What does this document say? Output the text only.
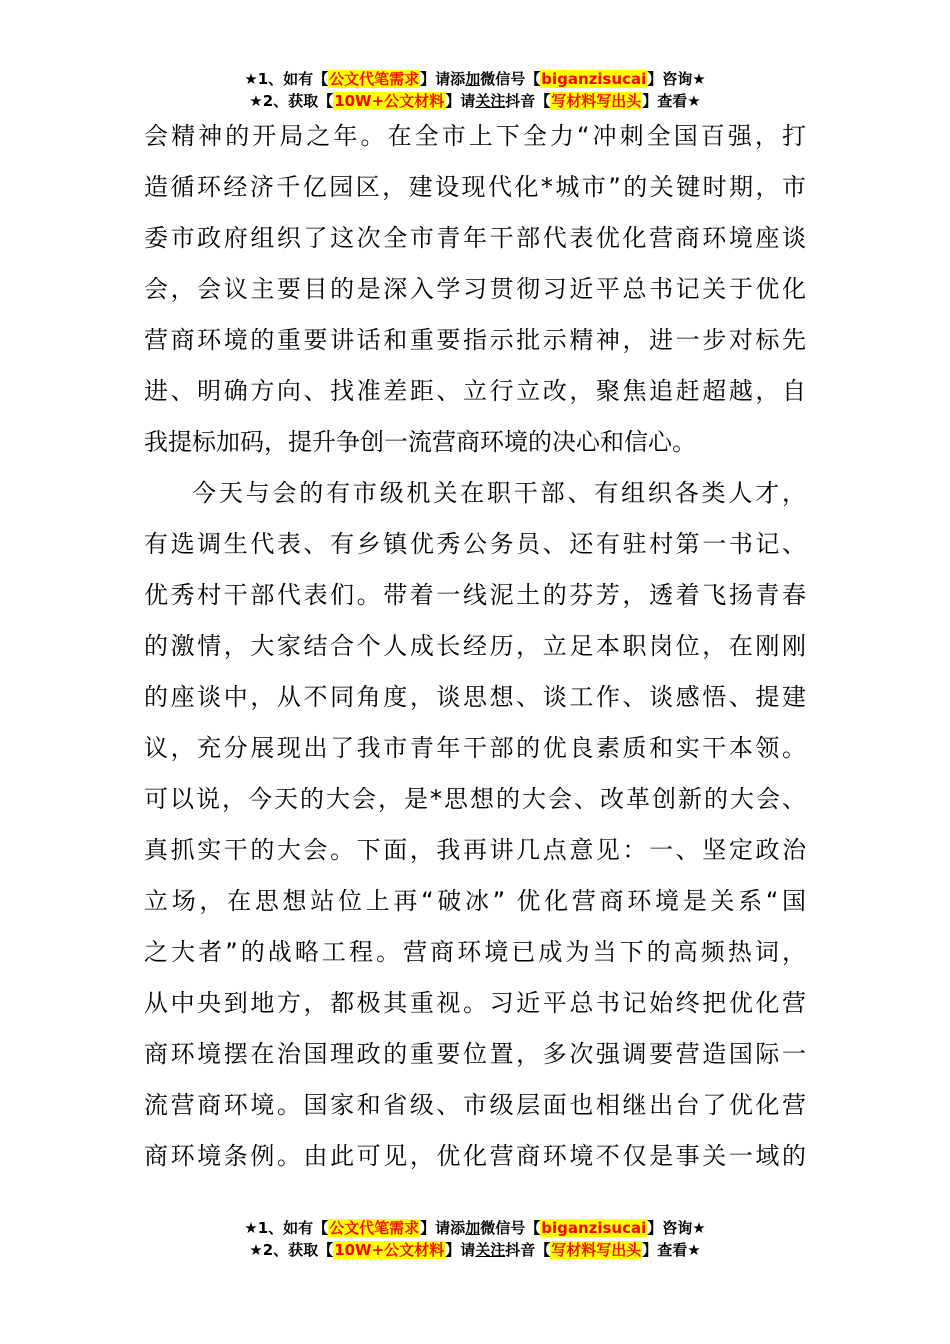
★1、如有【公文代笔需求】请添加微信号【biganzisucai】咨询★
★2、获取【10W+公文材料】请关注抖音【写材料写出头】查看★
会精神的开局之年。在全市上下全力“冲刺全国百强，打
造循环经济千亿园区，建设现代化*城市”的关键时期，市
委市政府组织了这次全市青年干部代表优化营商环境座谈
会，会议主要目的是深入学习贯彻习近平总书记关于优化
营商环境的重要讲话和重要指示批示精神，进一步对标先
进、明确方向、找准差距、立行立改，聚焦追赶超越，自
我提标加码，提升争创一流营商环境的决心和信心。
今天与会的有市级机关在职干部、有组织各类人才，
有选调生代表、有乡镇优秀公务员、还有驻村第一书记、
优秀村干部代表们。带着一线泥土的芬芳，透着飞扬青春
的激情，大家结合个人成长经历，立足本职岗位，在刚刚
的座谈中，从不同角度，谈思想、谈工作、谈感悟、提建
议，充分展现出了我市青年干部的优良素质和实干本领。
可以说，今天的大会，是*思想的大会、改革创新的大会、
真抓实干的大会。下面，我再讲几点意见：一、坚定政治
立场，在思想站位上再“破冰” 优化营商环境是关系“国
之大者”的战略工程。营商环境已成为当下的高频热词，
从中央到地方，都极其重视。习近平总书记始终把优化营
商环境摆在治国理政的重要位置，多次强调要营造国际一
流营商环境。国家和省级、市级层面也相继出台了优化营
商环境条例。由此可见，优化营商环境不仅是事关一域的
★1、如有【公文代笔需求】请添加微信号【biganzisucai】咨询★
★2、获取【10W+公文材料】请关注抖音【写材料写出头】查看★
